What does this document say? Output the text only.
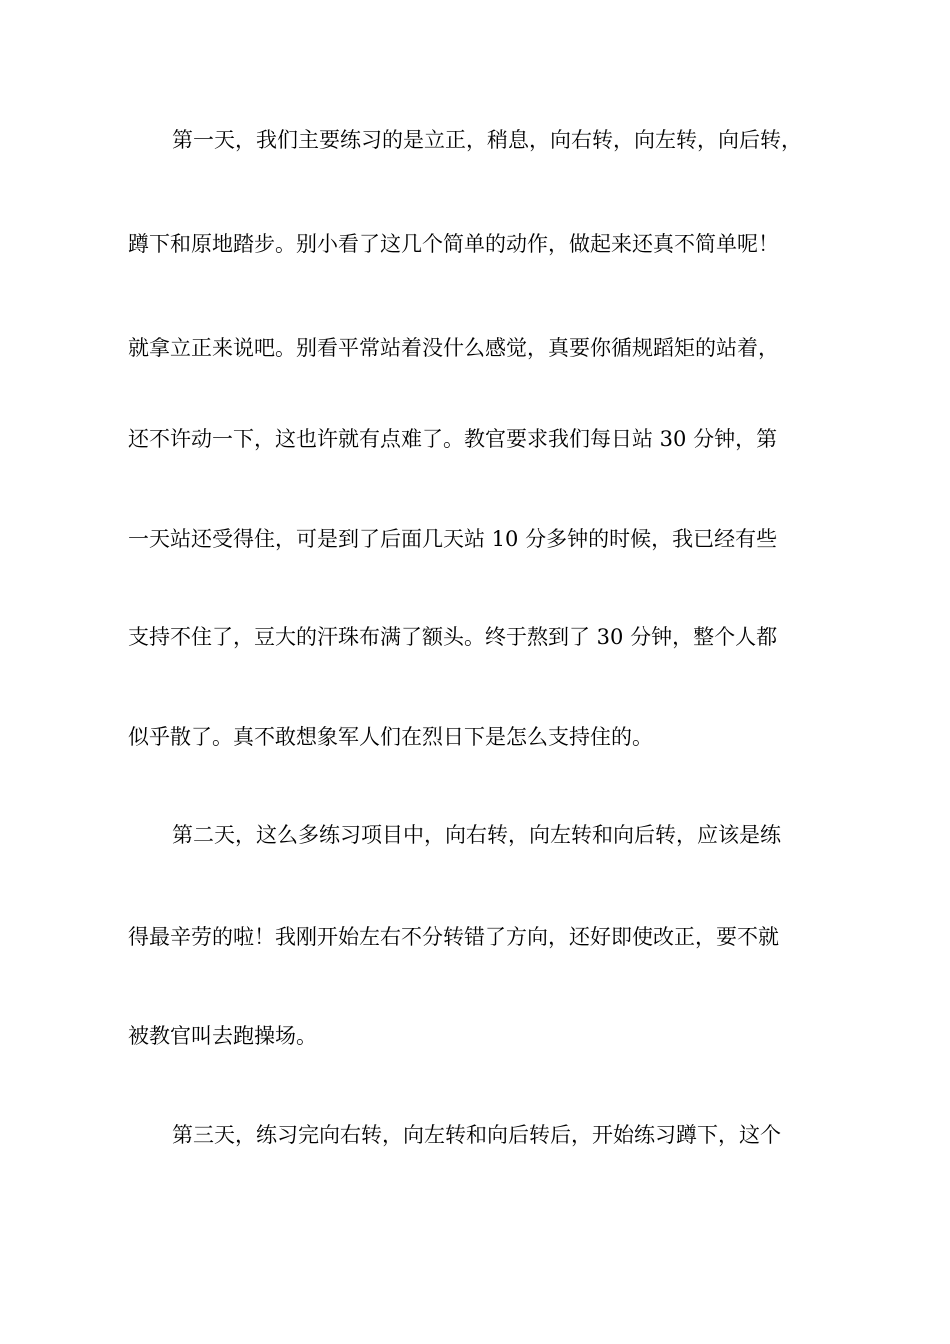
第一天，我们主要练习的是立正，稍息，向右转，向左转，向后转，
蹲下和原地踏步。别小看了这几个简单的动作，做起来还真不简单呢！
就拿立正来说吧。别看平常站着没什么感觉，真要你循规蹈矩的站着，
还不许动一下，这也许就有点难了。教官要求我们每日站 30 分钟，第
一天站还受得住，可是到了后面几天站 10 分多钟的时候，我已经有些
支持不住了，豆大的汗珠布满了额头。终于熬到了 30 分钟，整个人都
似乎散了。真不敢想象军人们在烈日下是怎么支持住的。
第二天，这么多练习项目中，向右转，向左转和向后转，应该是练
得最辛劳的啦！我刚开始左右不分转错了方向，还好即使改正，要不就
被教官叫去跑操场。
第三天，练习完向右转，向左转和向后转后，开始练习蹲下，这个
